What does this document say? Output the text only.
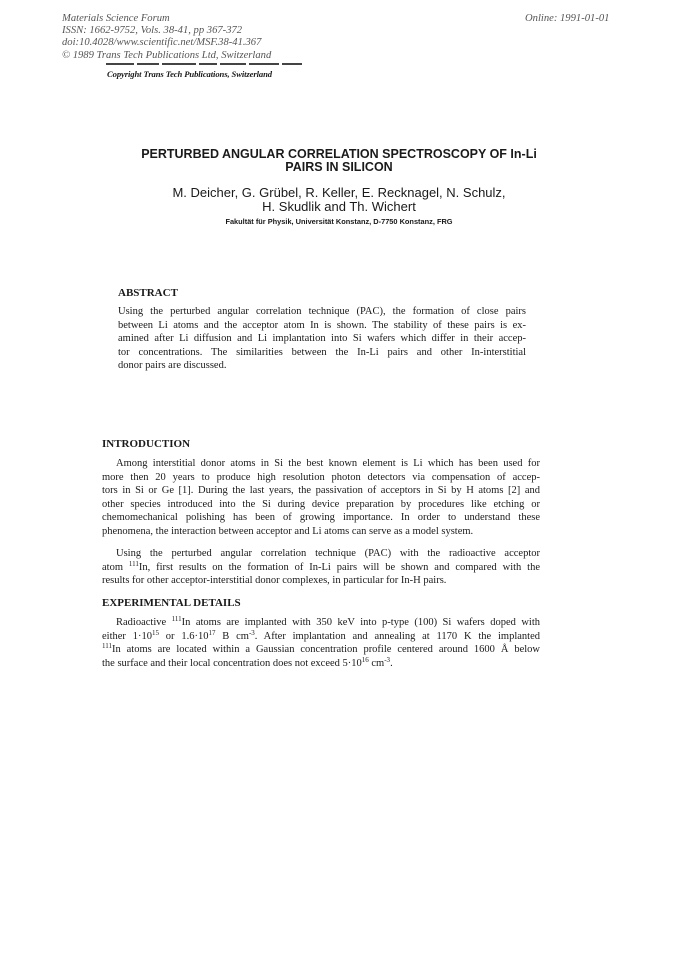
Materials Science Forum
ISSN: 1662-9752, Vols. 38-41, pp 367-372
doi:10.4028/www.scientific.net/MSF.38-41.367
© 1989 Trans Tech Publications Ltd, Switzerland
Online: 1991-01-01
Copyright Trans Tech Publications, Switzerland
PERTURBED ANGULAR CORRELATION SPECTROSCOPY OF In-Li
PAIRS IN SILICON
M. Deicher, G. Grübel, R. Keller, E. Recknagel, N. Schulz,
H. Skudlik and Th. Wichert
Fakultät für Physik, Universität Konstanz, D-7750 Konstanz, FRG
ABSTRACT
Using the perturbed angular correlation technique (PAC), the formation of close pairs
between Li atoms and the acceptor atom In is shown. The stability of these pairs is ex-
amined after Li diffusion and Li implantation into Si wafers which differ in their accep-
tor concentrations. The similarities between the In-Li pairs and other In-interstitial
donor pairs are discussed.
INTRODUCTION
Among interstitial donor atoms in Si the best known element is Li which has been used for
more then 20 years to produce high resolution photon detectors via compensation of accep-
tors in Si or Ge [1]. During the last years, the passivation of acceptors in Si by H atoms [2] and
other species introduced into the Si during device preparation by procedures like etching or
chemomechanical polishing has been of growing importance. In order to understand these
phenomena, the interaction between acceptor and Li atoms can serve as a model system.
Using the perturbed angular correlation technique (PAC) with the radioactive acceptor
atom $^{111}$In, first results on the formation of In-Li pairs will be shown and compared with the
results for other acceptor-interstitial donor complexes, in particular for In-H pairs.
EXPERIMENTAL DETAILS
Radioactive $^{111}$In atoms are implanted with 350 keV into p-type (100) Si wafers doped with
either $1\cdot 10^{15}$ or $1.6\cdot 10^{17}$ B $cm^{-3}$. After implantation and annealing at 1170 K the implanted
$^{111}$In atoms are located within a Gaussian concentration profile centered around 1600 Å below
the surface and their local concentration does not exceed $5\cdot 10^{16}$ $cm^{-3}$.
